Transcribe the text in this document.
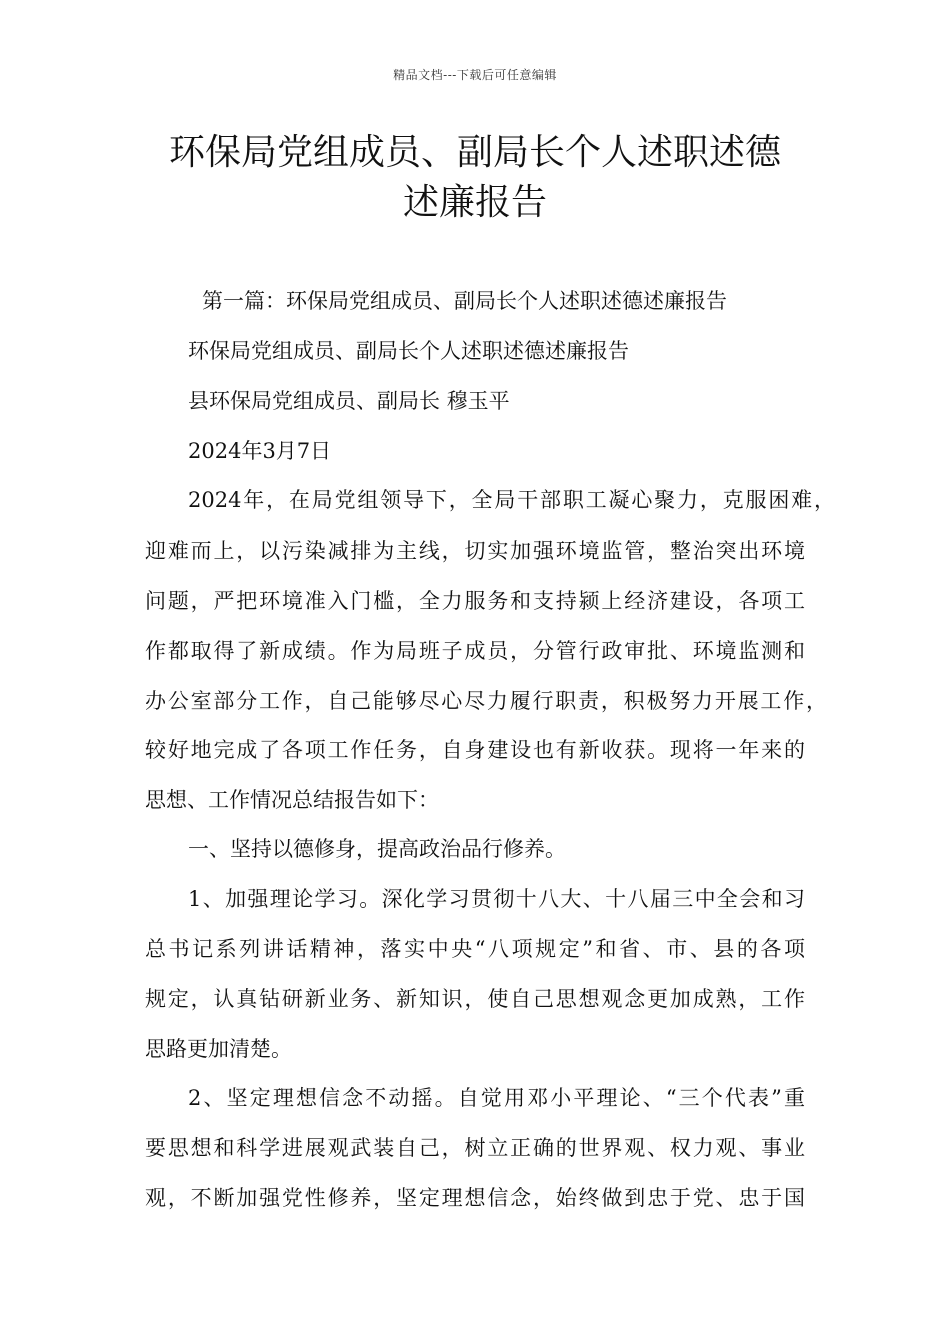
精品文档---下载后可任意编辑
环保局党组成员、副局长个人述职述德
述廉报告
第一篇：环保局党组成员、副局长个人述职述德述廉报告
环保局党组成员、副局长个人述职述德述廉报告
县环保局党组成员、副局长 穆玉平
2024年3月7日
2024年，在局党组领导下，全局干部职工凝心聚力，克服困难，
迎难而上，以污染减排为主线，切实加强环境监管，整治突出环境
问题，严把环境准入门槛，全力服务和支持颍上经济建设，各项工
作都取得了新成绩。作为局班子成员，分管行政审批、环境监测和
办公室部分工作，自己能够尽心尽力履行职责，积极努力开展工作，
较好地完成了各项工作任务，自身建设也有新收获。现将一年来的
思想、工作情况总结报告如下：
一、坚持以德修身，提高政治品行修养。
1、加强理论学习。深化学习贯彻十八大、十八届三中全会和习
总书记系列讲话精神，落实中央“八项规定”和省、市、县的各项
规定，认真钻研新业务、新知识，使自己思想观念更加成熟，工作
思路更加清楚。
2、坚定理想信念不动摇。自觉用邓小平理论、“三个代表”重
要思想和科学进展观武装自己，树立正确的世界观、权力观、事业
观，不断加强党性修养，坚定理想信念，始终做到忠于党、忠于国
